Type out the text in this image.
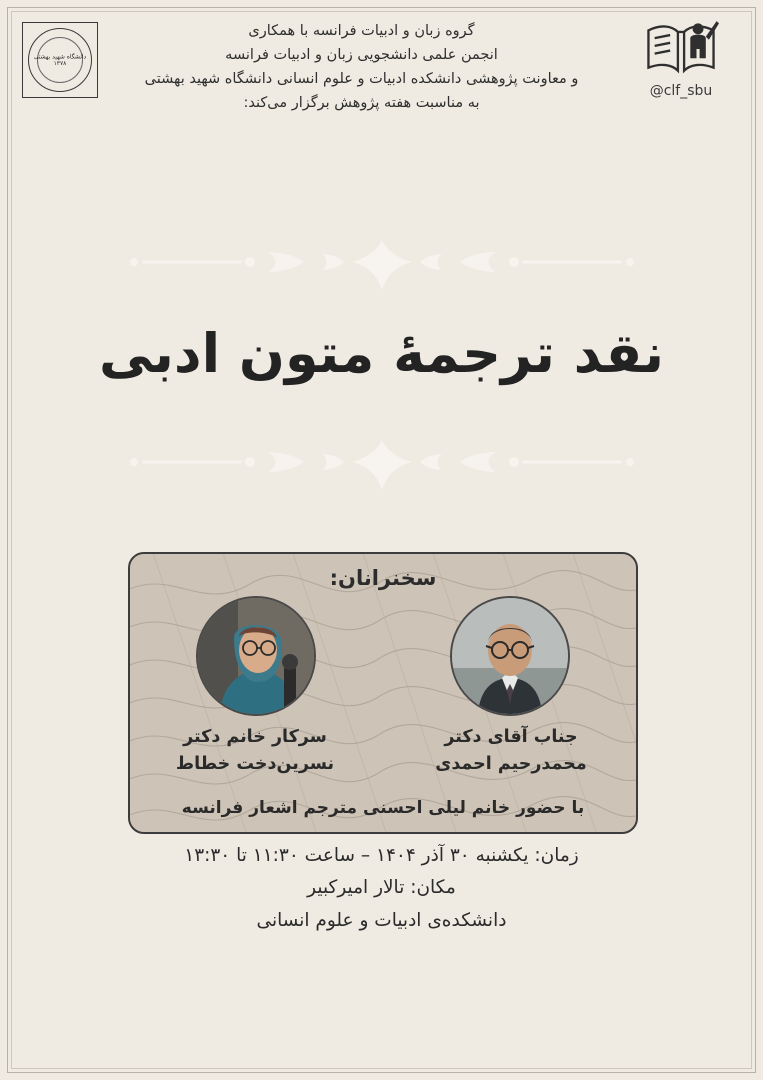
دانشگاه شهید بهشتی ۱۳۷۸
گروه زبان و ادبیات فرانسه با همکاری
انجمن علمی دانشجویی زبان و ادبیات فرانسه
و معاونت پژوهشی دانشکده ادبیات و علوم انسانی دانشگاه شهید بهشتی
به مناسبت هفته پژوهش برگزار می‌کند:
@clf_sbu
نقد ترجمهٔ متون ادبی
سخنرانان:
جناب آقای دکتر
محمدرحیم احمدی
سرکار خانم دکتر
نسرین‌دخت خطاط
با حضور خانم لیلی احسنی مترجم اشعار فرانسه
زمان: یکشنبه ۳۰ آذر ۱۴۰۴ – ساعت ۱۱:۳۰ تا ۱۳:۳۰
مکان: تالار امیرکبیر
دانشکده‌ی ادبیات و علوم انسانی
